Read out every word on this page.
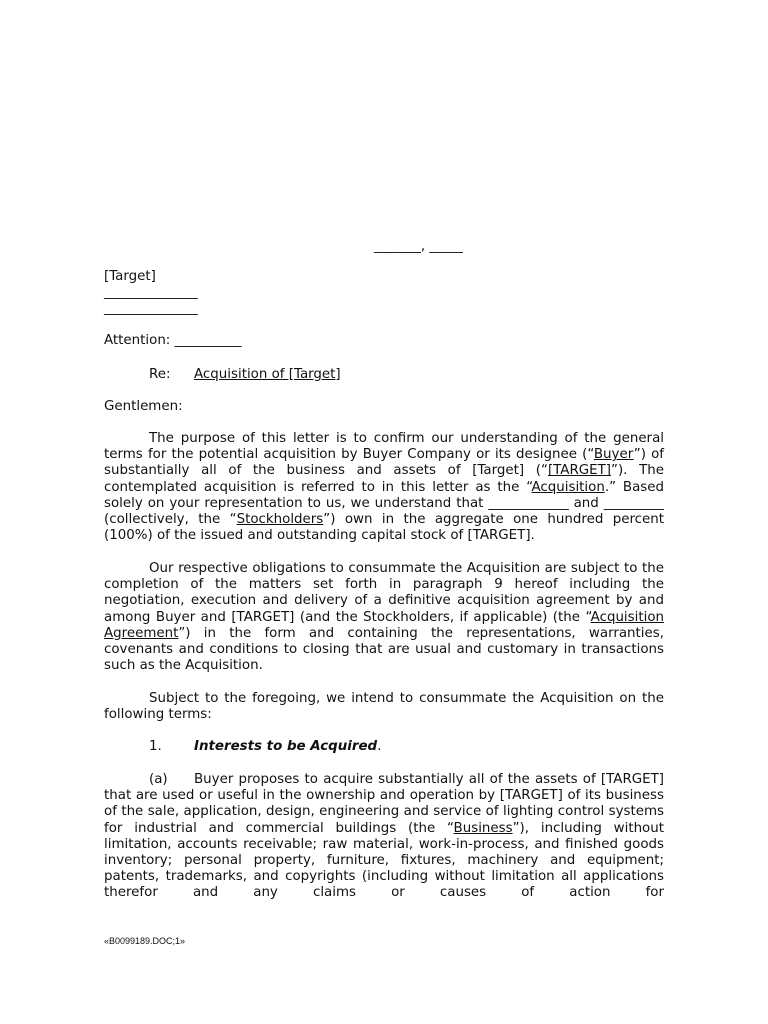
_______, _____

[Target]

______________

______________

Attention: __________

Re: Acquisition of [Target]

Gentlemen:

The purpose of this letter is to confirm our understanding of the general terms for the potential acquisition by Buyer Company or its designee (“Buyer”) of substantially all of the business and assets of [Target] (“[TARGET]”). The contemplated acquisition is referred to in this letter as the “Acquisition.” Based solely on your representation to us, we understand that ____________ and _________ (collectively, the “Stockholders”) own in the aggregate one hundred percent (100%) of the issued and outstanding capital stock of [TARGET].

Our respective obligations to consummate the Acquisition are subject to the completion of the matters set forth in paragraph 9 hereof including the negotiation, execution and delivery of a definitive acquisition agreement by and among Buyer and [TARGET] (and the Stockholders, if applicable) (the “Acquisition Agreement”) in the form and containing the representations, warranties, covenants and conditions to closing that are usual and customary in transactions such as the Acquisition.

Subject to the foregoing, we intend to consummate the Acquisition on the following terms:

1. Interests to be Acquired.

(a) Buyer proposes to acquire substantially all of the assets of [TARGET] that are used or useful in the ownership and operation by [TARGET] of its business of the sale, application, design, engineering and service of lighting control systems for industrial and commercial buildings (the “Business”), including without limitation, accounts receivable; raw material, work-in-process, and finished goods inventory; personal property, furniture, fixtures, machinery and equipment; patents, trademarks, and copyrights (including without limitation all applications therefor and any claims or causes of action for

«B0099189.DOC;1»
